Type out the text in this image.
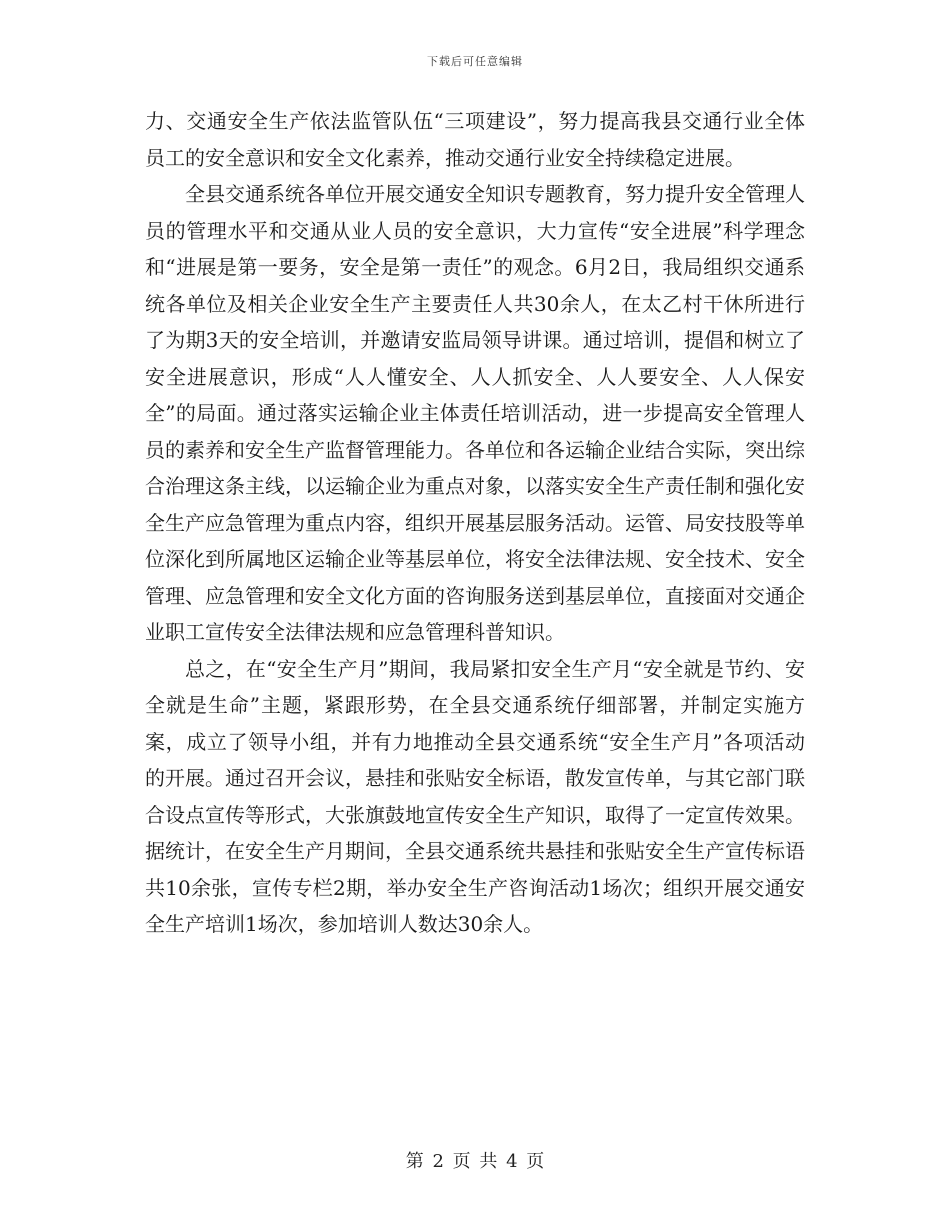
下载后可任意编辑

力、交通安全生产依法监管队伍“三项建设”，努力提高我县交通行业全体员工的安全意识和安全文化素养，推动交通行业安全持续稳定进展。

全县交通系统各单位开展交通安全知识专题教育，努力提升安全管理人员的管理水平和交通从业人员的安全意识，大力宣传“安全进展”科学理念和“进展是第一要务，安全是第一责任”的观念。6月2日，我局组织交通系统各单位及相关企业安全生产主要责任人共30余人，在太乙村干休所进行了为期3天的安全培训，并邀请安监局领导讲课。通过培训，提倡和树立了安全进展意识，形成“人人懂安全、人人抓安全、人人要安全、人人保安全”的局面。通过落实运输企业主体责任培训活动，进一步提高安全管理人员的素养和安全生产监督管理能力。各单位和各运输企业结合实际，突出综合治理这条主线，以运输企业为重点对象，以落实安全生产责任制和强化安全生产应急管理为重点内容，组织开展基层服务活动。运管、局安技股等单位深化到所属地区运输企业等基层单位，将安全法律法规、安全技术、安全管理、应急管理和安全文化方面的咨询服务送到基层单位，直接面对交通企业职工宣传安全法律法规和应急管理科普知识。

总之，在“安全生产月”期间，我局紧扣安全生产月“安全就是节约、安全就是生命”主题，紧跟形势，在全县交通系统仔细部署，并制定实施方案，成立了领导小组，并有力地推动全县交通系统“安全生产月”各项活动的开展。通过召开会议，悬挂和张贴安全标语，散发宣传单，与其它部门联合设点宣传等形式，大张旗鼓地宣传安全生产知识，取得了一定宣传效果。据统计，在安全生产月期间，全县交通系统共悬挂和张贴安全生产宣传标语共10余张，宣传专栏2期，举办安全生产咨询活动1场次；组织开展交通安全生产培训1场次，参加培训人数达30余人。

第 2 页 共 4 页
